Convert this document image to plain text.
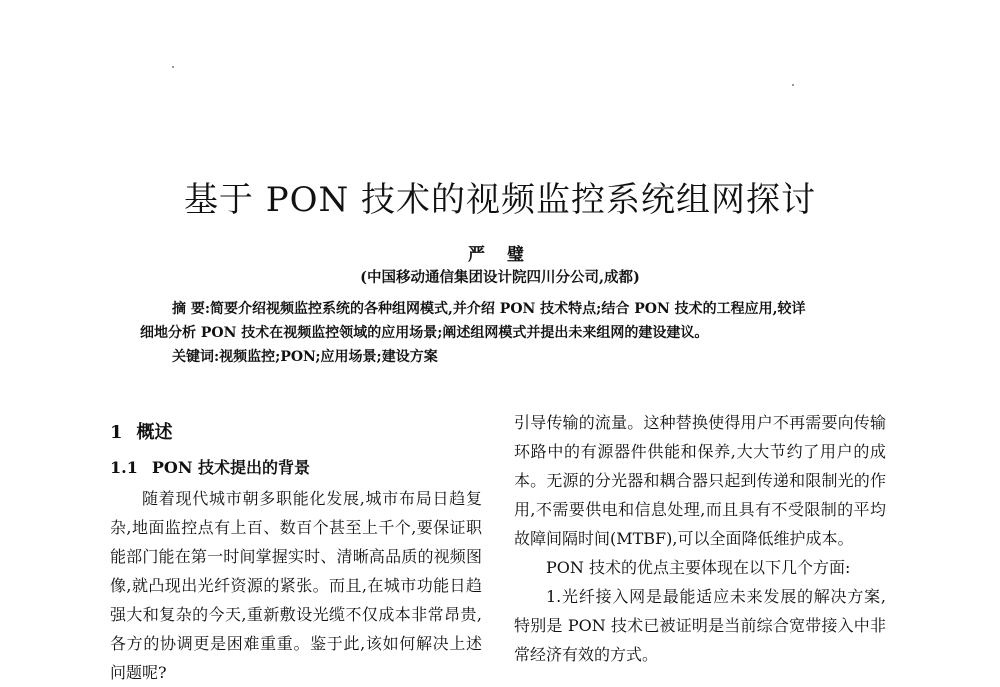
基于 PON 技术的视频监控系统组网探讨
严 璧
(中国移动通信集团设计院四川分公司,成都)
摘 要:简要介绍视频监控系统的各种组网模式,并介绍 PON 技术特点;结合 PON 技术的工程应用,较详
细地分析 PON 技术在视频监控领域的应用场景;阐述组网模式并提出未来组网的建设建议。
关键词:视频监控;PON;应用场景;建设方案
1 概述
1.1 PON 技术提出的背景

随着现代城市朝多职能化发展,城市布局日趋复杂,地面监控点有上百、数百个甚至上千个,要保证职能部门能在第一时间掌握实时、清晰高品质的视频图像,就凸现出光纤资源的紧张。而且,在城市功能日趋强大和复杂的今天,重新敷设光缆不仅成本非常昂贵,各方的协调更是困难重重。鉴于此,该如何解决上述问题呢?

引导传输的流量。这种替换使得用户不再需要向传输环路中的有源器件供能和保养,大大节约了用户的成本。无源的分光器和耦合器只起到传递和限制光的作用,不需要供电和信息处理,而且具有不受限制的平均故障间隔时间(MTBF),可以全面降低维护成本。

PON 技术的优点主要体现在以下几个方面:

1.光纤接入网是最能适应未来发展的解决方案,特别是 PON 技术已被证明是当前综合宽带接入中非常经济有效的方式。
